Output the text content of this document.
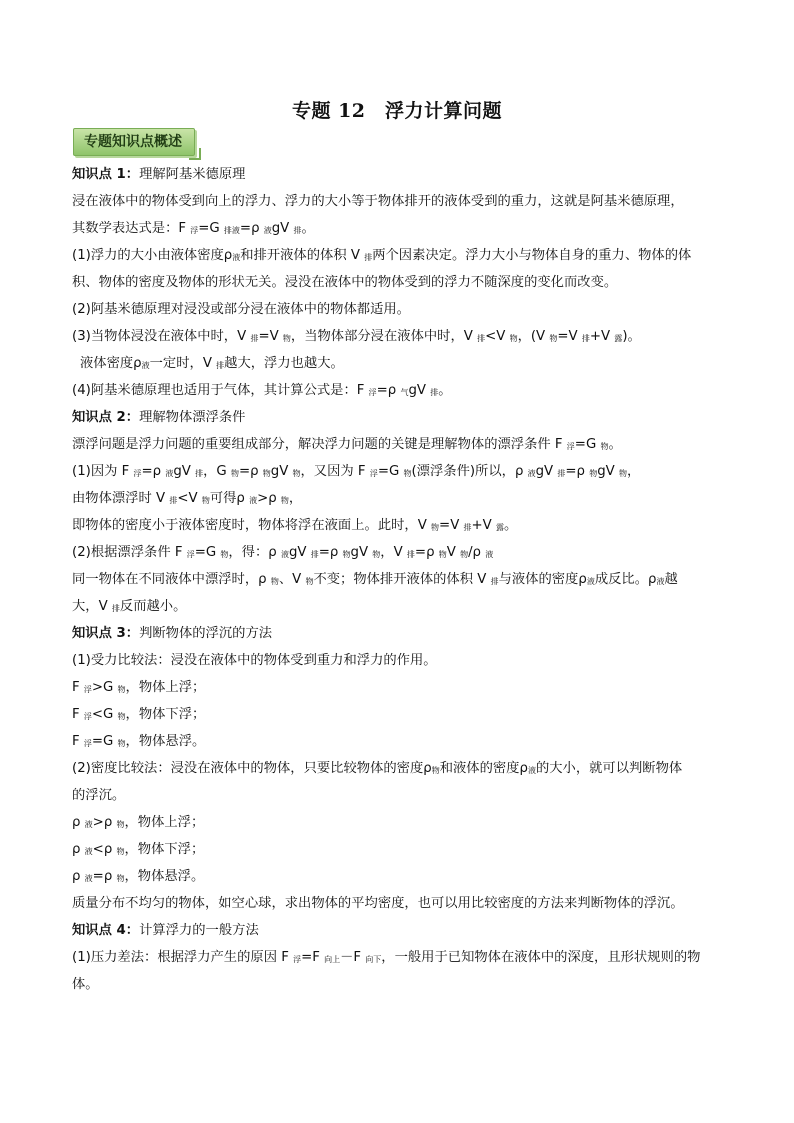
专题 12　浮力计算问题
专题知识点概述
知识点 1：理解阿基米德原理
浸在液体中的物体受到向上的浮力、浮力的大小等于物体排开的液体受到的重力，这就是阿基米德原理，
其数学表达式是：F $_浮$=G $_{排液}$=ρ $_液$gV $_排$。
(1)浮力的大小由液体密度$\rho_液$和排开液体的体积 V $_排$两个因素决定。浮力大小与物体自身的重力、物体的体
积、物体的密度及物体的形状无关。浸没在液体中的物体受到的浮力不随深度的变化而改变。
(2)阿基米德原理对浸没或部分浸在液体中的物体都适用。
(3)当物体浸没在液体中时，V $_排$=V $_物$，当物体部分浸在液体中时，V $_排$<V $_物$，(V $_物$=V $_排$+V $_露$)。
液体密度$\rho_液$一定时，V $_排$越大，浮力也越大。
(4)阿基米德原理也适用于气体，其计算公式是：F $_浮$=ρ $_气$gV $_排$。
知识点 2：理解物体漂浮条件
漂浮问题是浮力问题的重要组成部分，解决浮力问题的关键是理解物体的漂浮条件 F $_浮$=G $_物$。
(1)因为 F $_浮$=ρ $_液$gV $_排$，G $_物$=ρ $_物$gV $_物$，又因为 F $_浮$=G $_物$(漂浮条件)所以，ρ $_液$gV $_排$=ρ $_物$gV $_物$，
由物体漂浮时 V $_排$<V $_物$可得ρ $_液$>ρ $_物$，
即物体的密度小于液体密度时，物体将浮在液面上。此时，V $_物$=V $_排$+V $_露$。
(2)根据漂浮条件 F $_浮$=G $_物$，得：ρ $_液$gV $_排$=ρ $_物$gV $_物$，V $_排$=ρ $_物$V $_物$/ρ $_液$
同一物体在不同液体中漂浮时，ρ $_物$、V $_物$不变；物体排开液体的体积 V $_排$与液体的密度$\rho_液$成反比。$\rho_液$越
大，V $_排$反而越小。
知识点 3：判断物体的浮沉的方法
(1)受力比较法：浸没在液体中的物体受到重力和浮力的作用。
F $_浮$>G $_物$，物体上浮；
F $_浮$<G $_物$，物体下浮；
F $_浮$=G $_物$，物体悬浮。
(2)密度比较法：浸没在液体中的物体，只要比较物体的密度$\rho_物$和液体的密度$\rho_液$的大小，就可以判断物体
的浮沉。
ρ $_液$>ρ $_物$，物体上浮；
ρ $_液$<ρ $_物$，物体下浮；
ρ $_液$=ρ $_物$，物体悬浮。
质量分布不均匀的物体，如空心球，求出物体的平均密度，也可以用比较密度的方法来判断物体的浮沉。
知识点 4：计算浮力的一般方法
(1)压力差法：根据浮力产生的原因 F $_浮$=F $_{向上}$－F $_{向下}$，一般用于已知物体在液体中的深度，且形状规则的物
体。
